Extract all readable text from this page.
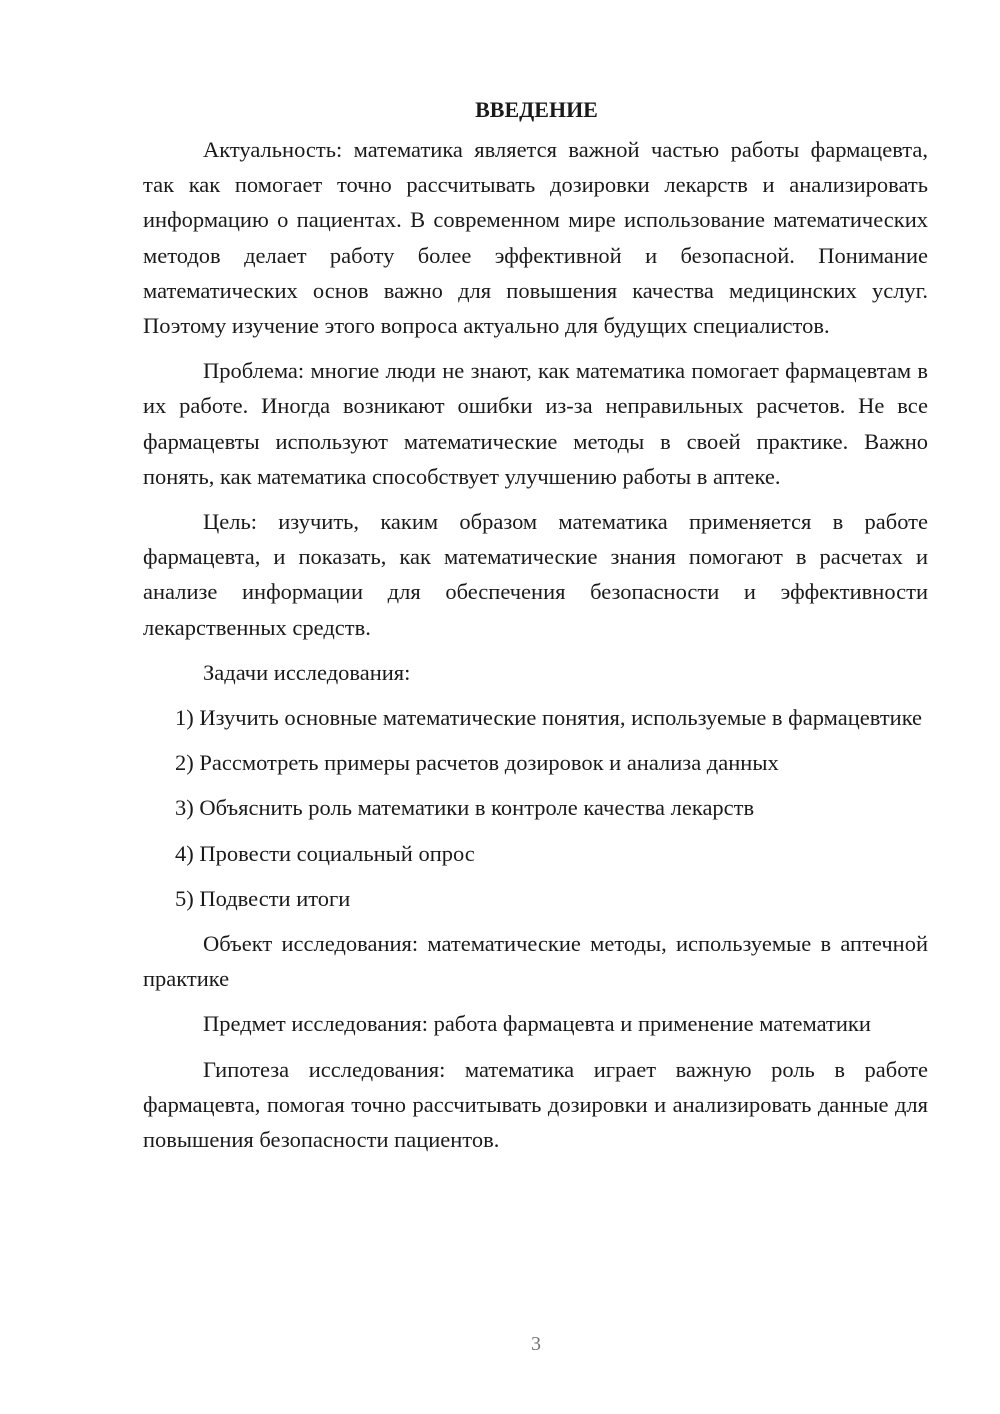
ВВЕДЕНИЕ

Актуальность: математика является важной частью работы фармацевта, так как помогает точно рассчитывать дозировки лекарств и анализировать информацию о пациентах. В современном мире использование математических методов делает работу более эффективной и безопасной. Понимание математических основ важно для повышения качества медицинских услуг. Поэтому изучение этого вопроса актуально для будущих специалистов.

Проблема: многие люди не знают, как математика помогает фармацевтам в их работе. Иногда возникают ошибки из-за неправильных расчетов. Не все фармацевты используют математические методы в своей практике. Важно понять, как математика способствует улучшению работы в аптеке.

Цель: изучить, каким образом математика применяется в работе фармацевта, и показать, как математические знания помогают в расчетах и анализе информации для обеспечения безопасности и эффективности лекарственных средств.

Задачи исследования:

1) Изучить основные математические понятия, используемые в фармацевтике

2) Рассмотреть примеры расчетов дозировок и анализа данных

3) Объяснить роль математики в контроле качества лекарств

4) Провести социальный опрос

5) Подвести итоги

Объект исследования: математические методы, используемые в аптечной практике

Предмет исследования: работа фармацевта и применение математики

Гипотеза исследования: математика играет важную роль в работе фармацевта, помогая точно рассчитывать дозировки и анализировать данные для повышения безопасности пациентов.

3
